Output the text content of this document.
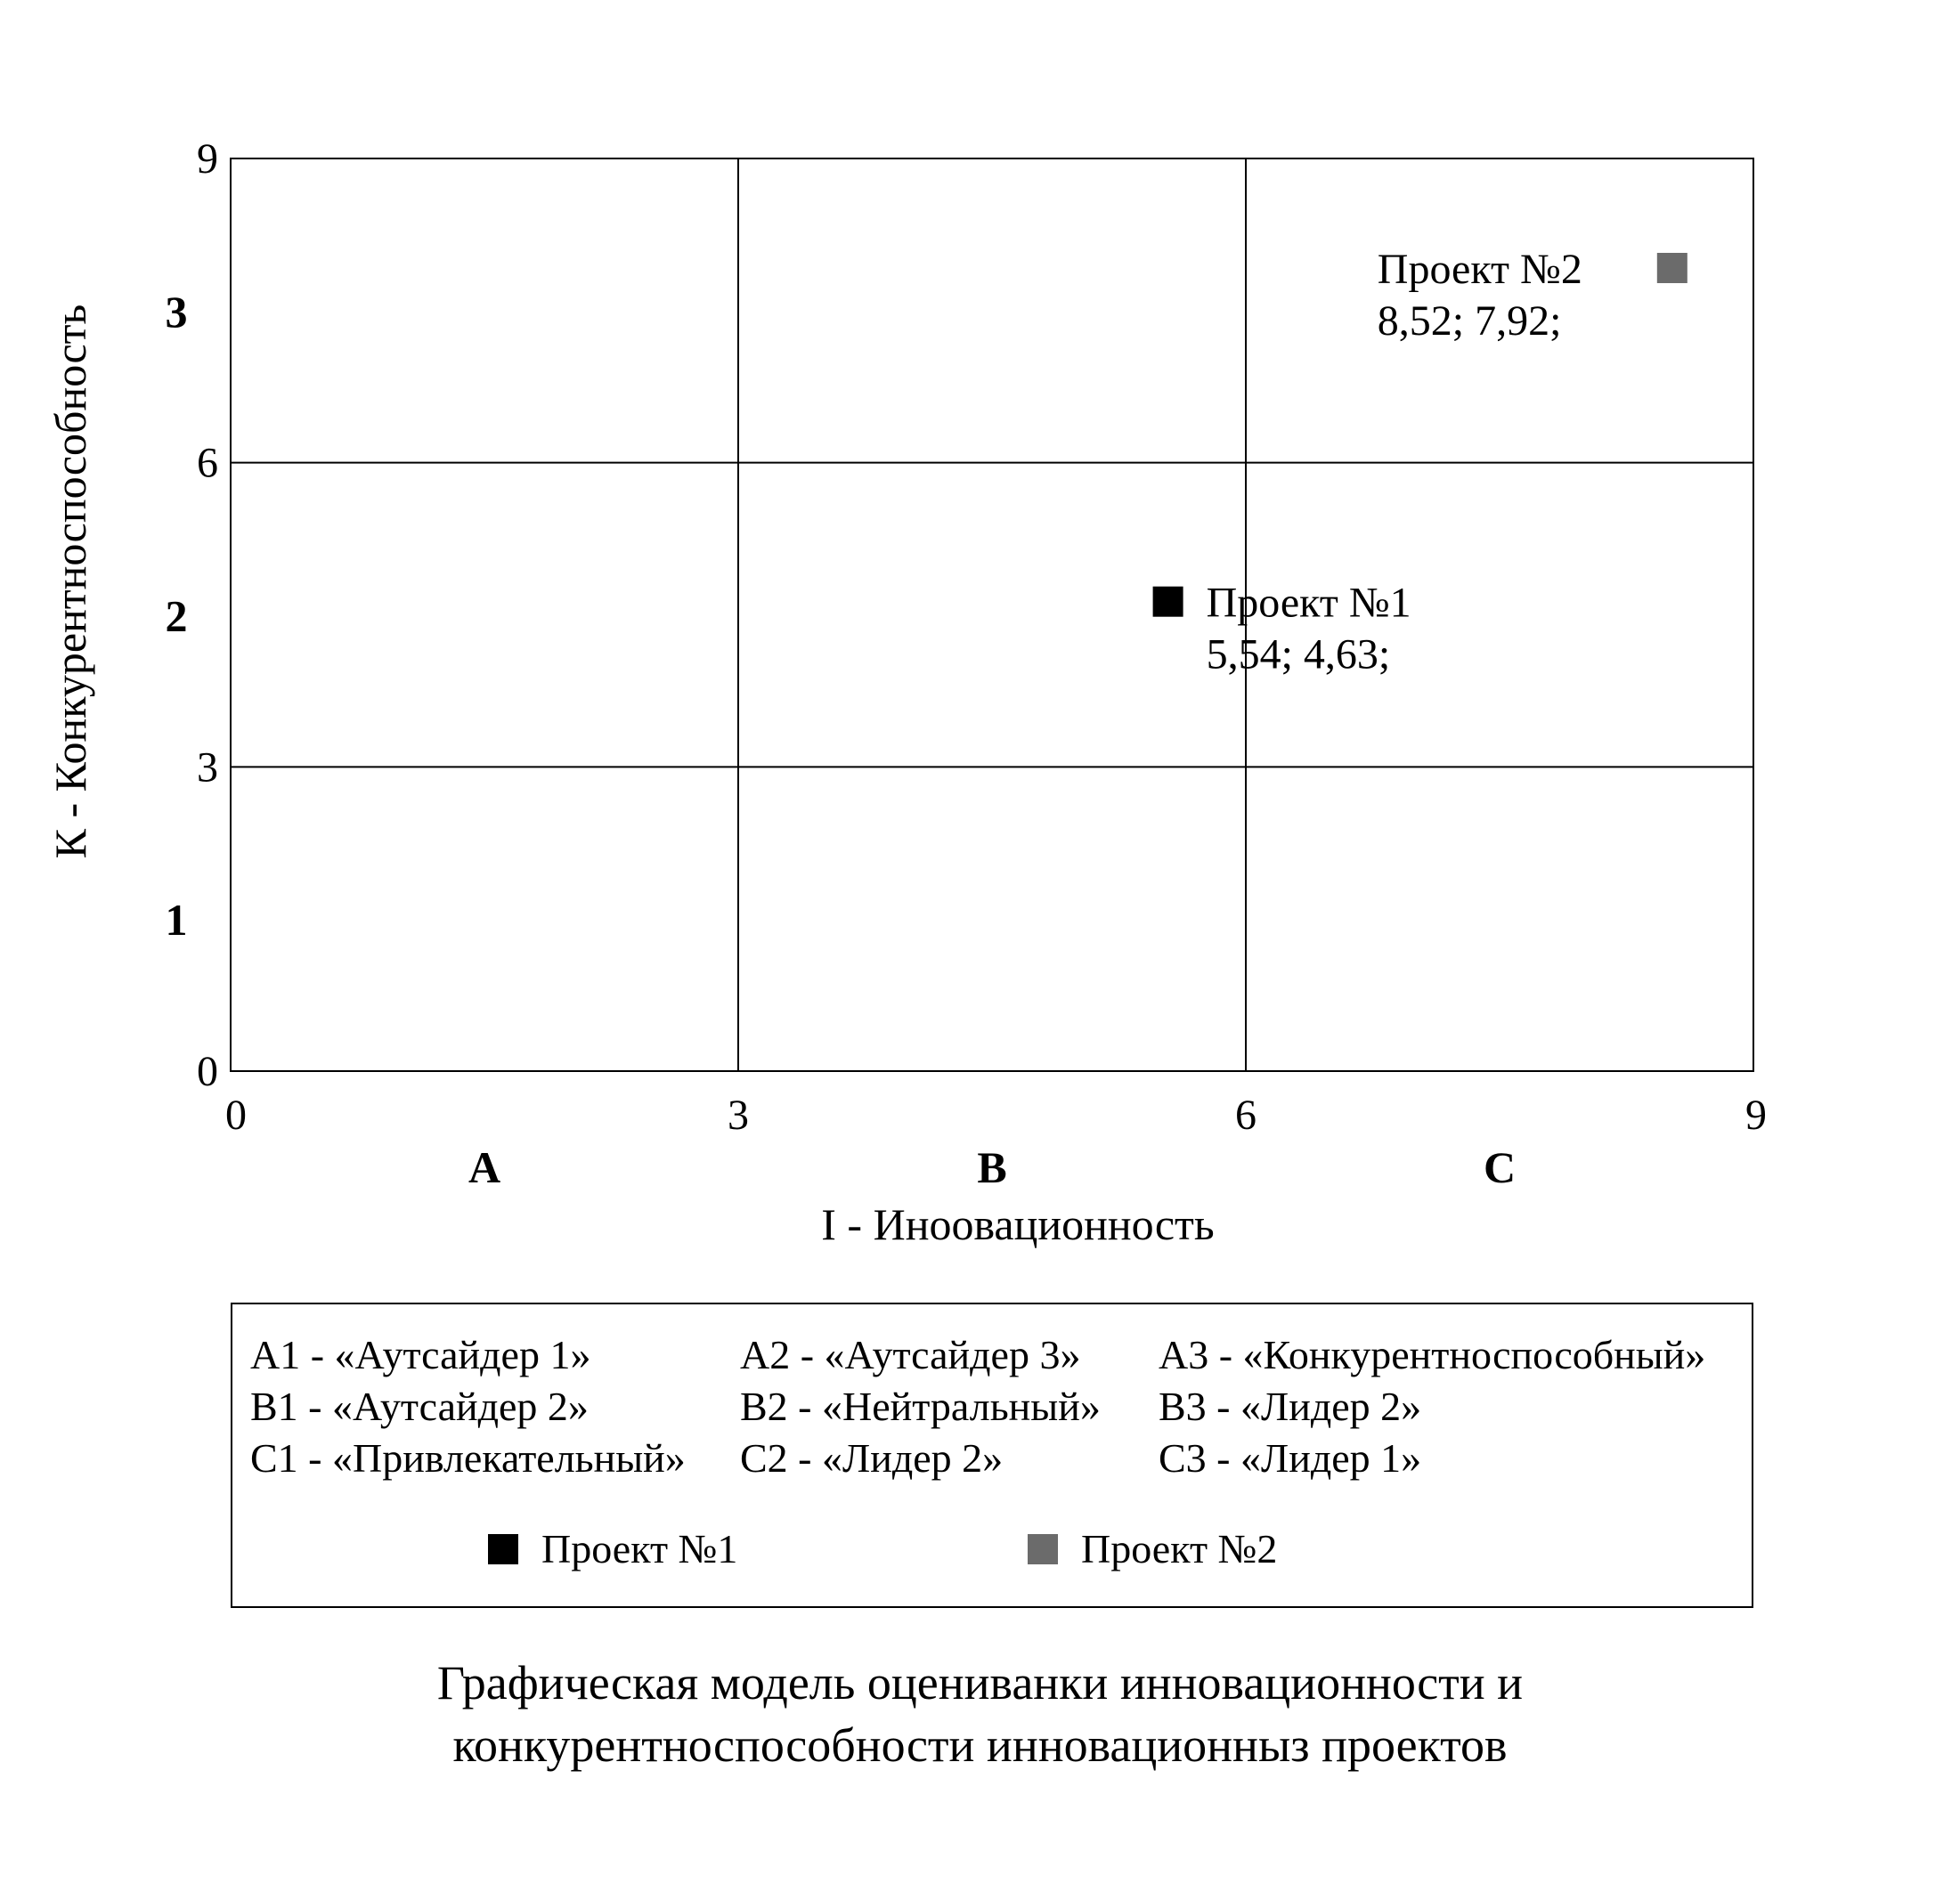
0	3	6	9
0
3
6
9
A	B	C
1
2
3
Проект №1
5,54; 4,63;
Проект №2
8,52; 7,92;
I - Инoовационность
К - Конкурентноспособность
А1 - «Аутсайдер 1»	А2 - «Аутсайдер 3»	А3 - «Конкурентноспособный»
В1 - «Аутсайдер 2»	В2 - «Нейтральный»	В3 - «Лидер 2»
С1 - «Привлекательный»	С2 - «Лидер 2»	С3 - «Лидер 1»
Проект №1	Проект №2
Графическая модель оцениванки инновационности и
конкурентноспособности инновационныз проектов
